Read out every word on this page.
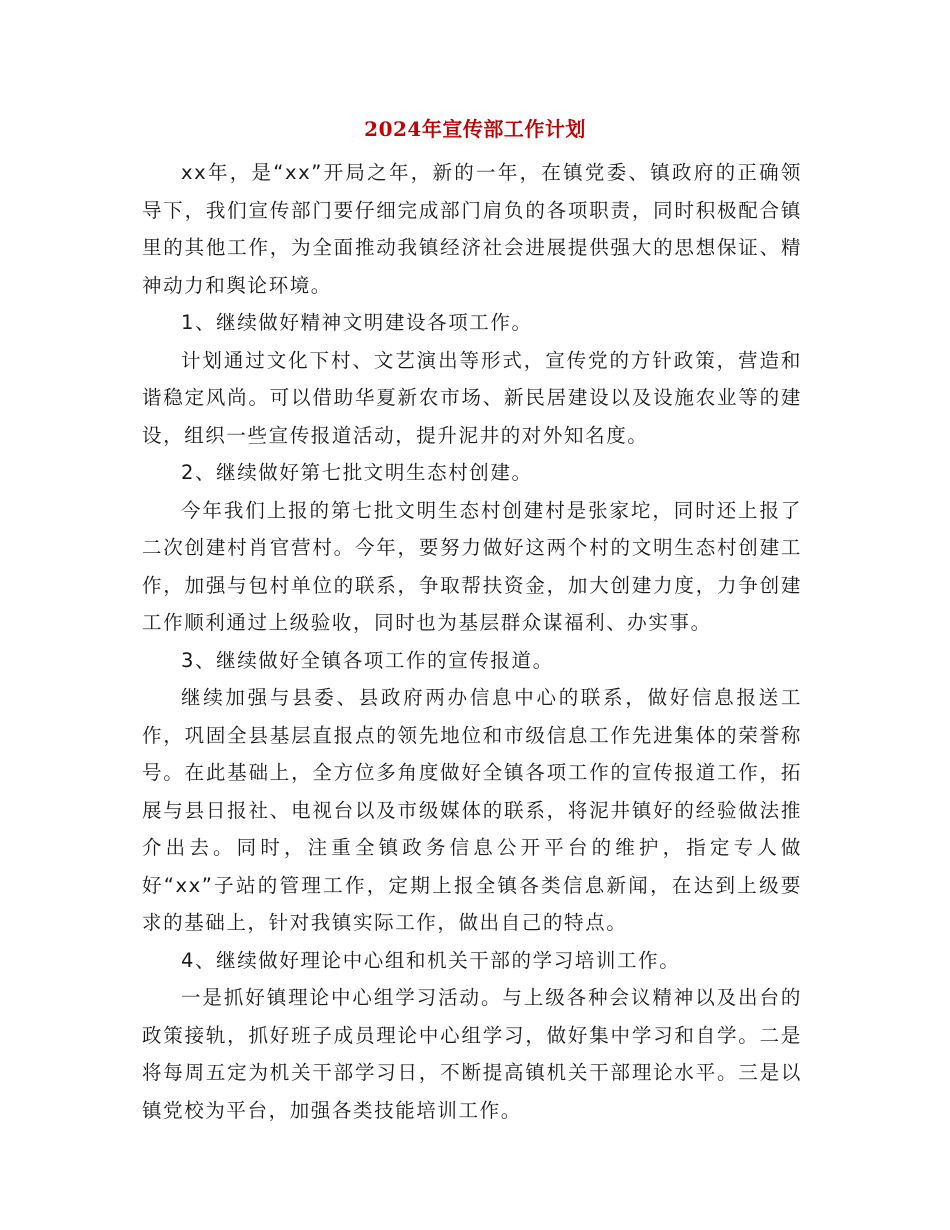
2024年宣传部工作计划

xx年，是“xx”开局之年，新的一年，在镇党委、镇政府的正确领导下，我们宣传部门要仔细完成部门肩负的各项职责，同时积极配合镇里的其他工作，为全面推动我镇经济社会进展提供强大的思想保证、精神动力和舆论环境。

1、继续做好精神文明建设各项工作。

计划通过文化下村、文艺演出等形式，宣传党的方针政策，营造和谐稳定风尚。可以借助华夏新农市场、新民居建设以及设施农业等的建设，组织一些宣传报道活动，提升泥井的对外知名度。

2、继续做好第七批文明生态村创建。

今年我们上报的第七批文明生态村创建村是张家坨，同时还上报了二次创建村肖官营村。今年，要努力做好这两个村的文明生态村创建工作，加强与包村单位的联系，争取帮扶资金，加大创建力度，力争创建工作顺利通过上级验收，同时也为基层群众谋福利、办实事。

3、继续做好全镇各项工作的宣传报道。

继续加强与县委、县政府两办信息中心的联系，做好信息报送工作，巩固全县基层直报点的领先地位和市级信息工作先进集体的荣誉称号。在此基础上，全方位多角度做好全镇各项工作的宣传报道工作，拓展与县日报社、电视台以及市级媒体的联系，将泥井镇好的经验做法推介出去。同时，注重全镇政务信息公开平台的维护，指定专人做好“xx”子站的管理工作，定期上报全镇各类信息新闻，在达到上级要求的基础上，针对我镇实际工作，做出自己的特点。

4、继续做好理论中心组和机关干部的学习培训工作。

一是抓好镇理论中心组学习活动。与上级各种会议精神以及出台的政策接轨，抓好班子成员理论中心组学习，做好集中学习和自学。二是将每周五定为机关干部学习日，不断提高镇机关干部理论水平。三是以镇党校为平台，加强各类技能培训工作。
